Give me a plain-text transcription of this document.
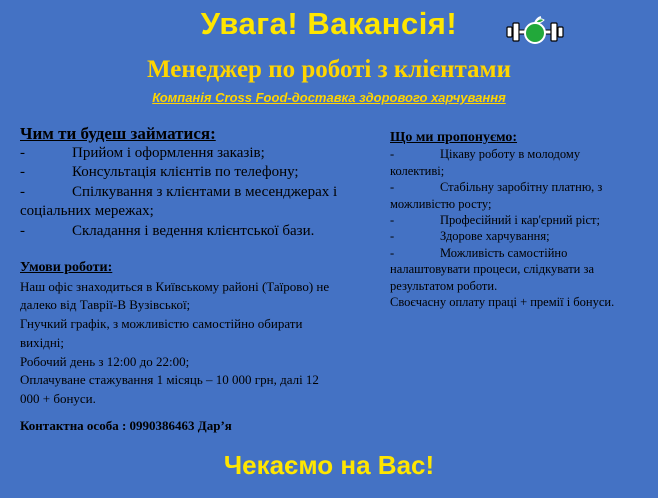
Увага! Вакансія!
Менеджер по роботі з клієнтами
Компанія Cross Food-доставка здорового харчування
Чим ти будеш займатися:
-	Прийом і оформлення заказів;
-	Консультація клієнтів по телефону;
-	Спілкування з клієнтами в месенджерах і
соціальних мережах;
-	Складання і ведення клієнтської бази.
Що ми пропонуємо:
-	Цікаву роботу в молодому
колективі;
-	Стабільну заробітну платню, з
можливістю росту;
-	Професійний і кар'єрний ріст;
-	Здорове харчування;
-	Можливість самостійно
налаштовувати процеси, слідкувати за
результатом роботи.
Своєчасну оплату праці + премії і бонуси.
Умови роботи:
Наш офіс знаходиться в Київському районі (Таїрово) не
далеко від Таврії-В Вузівської;
Гнучкий графік, з можливістю самостійно обирати
вихідні;
Робочий день з 12:00 до 22:00;
Оплачуване стажування 1 місяць – 10 000 грн, далі 12
000 + бонуси.
Контактна особа : 0990386463 Дар’я
Чекаємо на Вас!
